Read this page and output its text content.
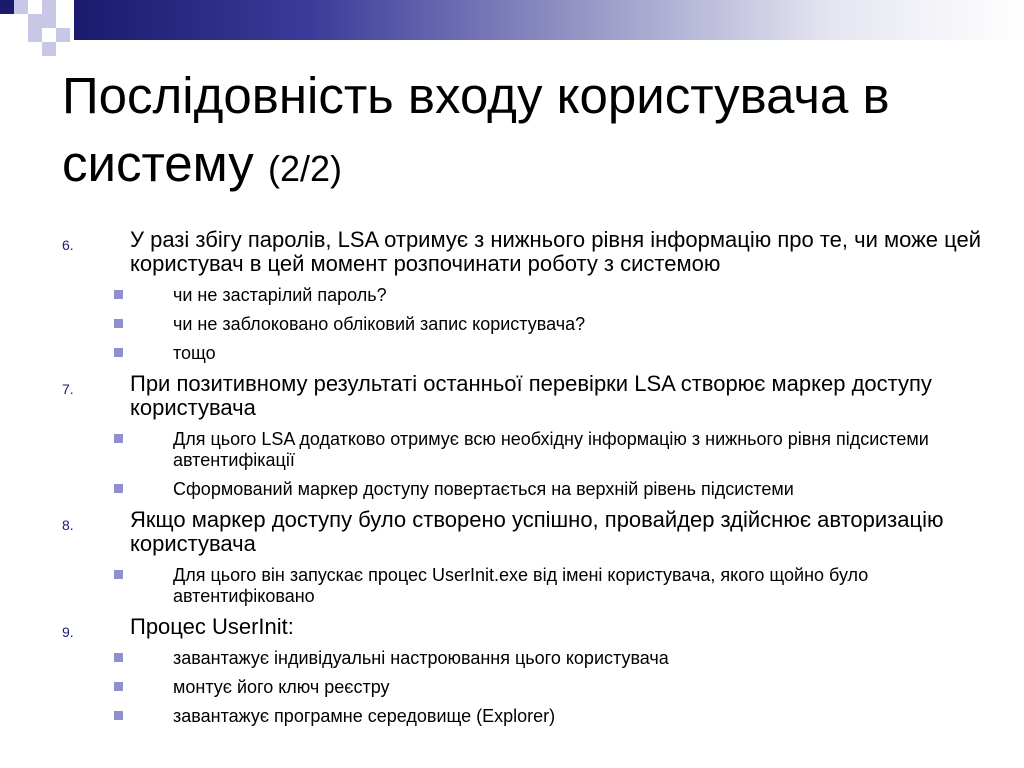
Послідовність входу користувача в систему (2/2)
6.	У разі збігу паролів, LSA отримує з нижнього рівня інформацію про те, чи може цей користувач в цей момент розпочинати роботу з системою
чи не застарілий пароль?
чи не заблоковано обліковий запис користувача?
тощо
7.	При позитивному результаті останньої перевірки LSA створює маркер доступу користувача
Для цього LSA додатково отримує всю необхідну інформацію з нижнього рівня підсистеми автентифікації
Сформований маркер доступу повертається на верхній рівень підсистеми
8.	Якщо маркер доступу було створено успішно, провайдер здійснює авторизацію користувача
Для цього він запускає процес UserInit.exe від імені користувача, якого щойно було автентифіковано
9.	Процес UserInit:
завантажує індивідуальні настроювання цього користувача
монтує його ключ реєстру
завантажує програмне середовище (Explorer)
